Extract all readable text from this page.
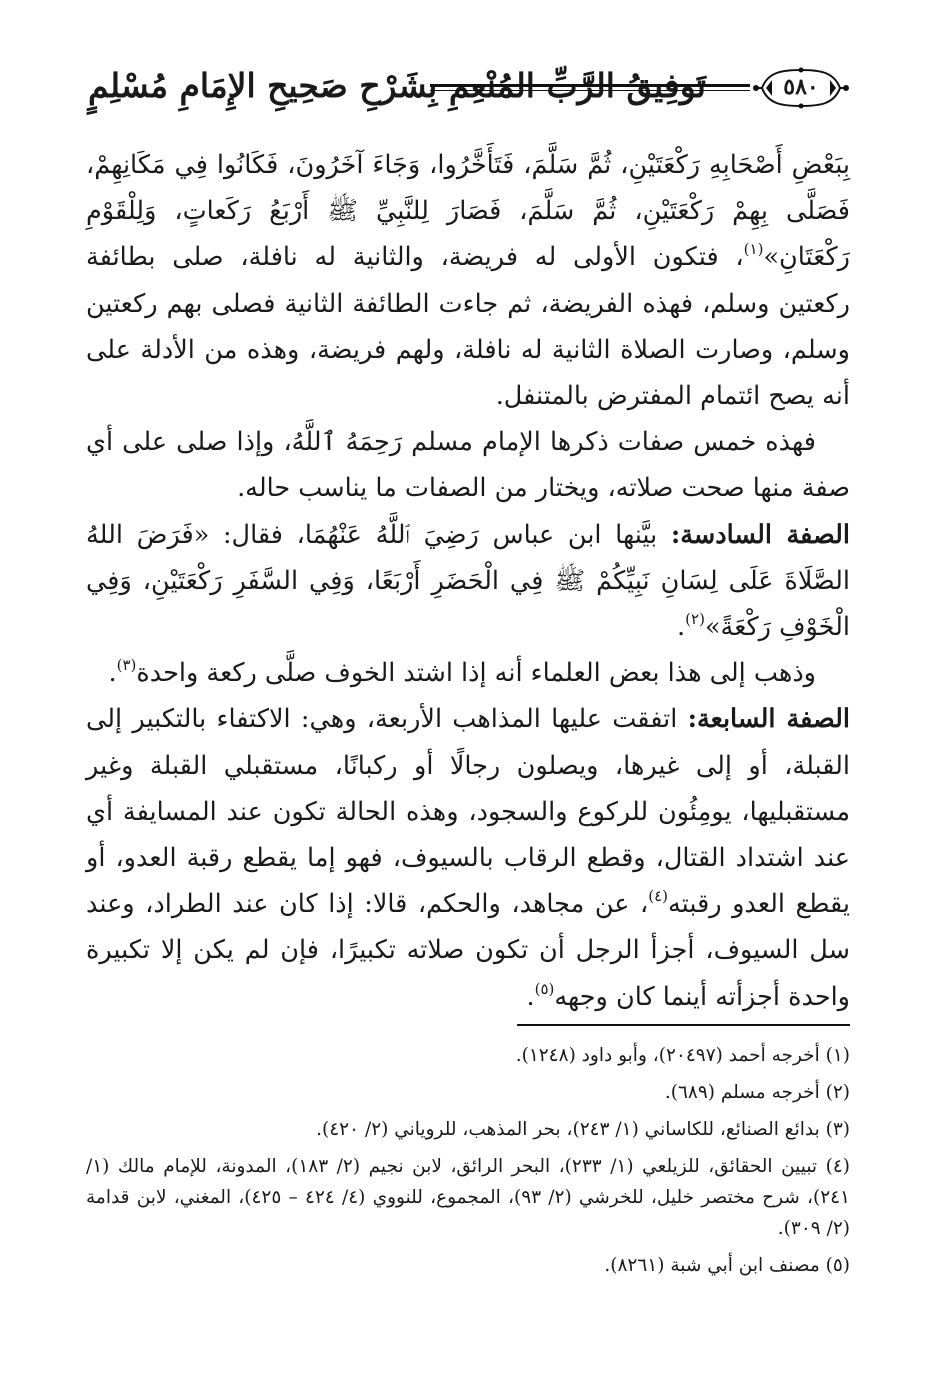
تَوفِيقُ الرَّبِّ المُنْعِمِ بِشَرْحِ صَحِيحِ الإِمَامِ مُسْلِمٍ	٥٨٠

بِبَعْضِ أَصْحَابِهِ رَكْعَتَيْنِ، ثُمَّ سَلَّمَ، فَتَأَخَّرُوا، وَجَاءَ آخَرُونَ، فَكَانُوا فِي مَكَانِهِمْ، فَصَلَّى بِهِمْ رَكْعَتَيْنِ، ثُمَّ سَلَّمَ، فَصَارَ لِلنَّبِيِّ ﷺ أَرْبَعُ رَكَعاتٍ، وَلِلْقَوْمِ رَكْعَتَانِ»$^{(١)}$، فتكون الأولى له فريضة، والثانية له نافلة، صلى بطائفة ركعتين وسلم، فهذه الفريضة، ثم جاءت الطائفة الثانية فصلى بهم ركعتين وسلم، وصارت الصلاة الثانية له نافلة، ولهم فريضة، وهذه من الأدلة على أنه يصح ائتمام المفترض بالمتنفل.

فهذه خمس صفات ذكرها الإمام مسلم رَحِمَهُ ٱللَّهُ، وإذا صلى على أي صفة منها صحت صلاته، ويختار من الصفات ما يناسب حاله.

الصفة السادسة: بيَّنها ابن عباس رَضِيَ ٱللَّهُ عَنْهُمَا، فقال: «فَرَضَ اللهُ الصَّلَاةَ عَلَى لِسَانِ نَبِيِّكُمْ ﷺ فِي الْحَضَرِ أَرْبَعًا، وَفِي السَّفَرِ رَكْعَتَيْنِ، وَفِي الْخَوْفِ رَكْعَةً»$^{(٢)}$.

وذهب إلى هذا بعض العلماء أنه إذا اشتد الخوف صلَّى ركعة واحدة$^{(٣)}$.

الصفة السابعة: اتفقت عليها المذاهب الأربعة، وهي: الاكتفاء بالتكبير إلى القبلة، أو إلى غيرها، ويصلون رجالًا أو ركبانًا، مستقبلي القبلة وغير مستقبليها، يومِئُون للركوع والسجود، وهذه الحالة تكون عند المسايفة أي عند اشتداد القتال، وقطع الرقاب بالسيوف، فهو إما يقطع رقبة العدو، أو يقطع العدو رقبته$^{(٤)}$، عن مجاهد، والحكم، قالا: إذا كان عند الطراد، وعند سل السيوف، أجزأ الرجل أن تكون صلاته تكبيرًا، فإن لم يكن إلا تكبيرة واحدة أجزأته أينما كان وجهه$^{(٥)}$.

(١) أخرجه أحمد (٢٠٤٩٧)، وأبو داود (١٢٤٨).

(٢) أخرجه مسلم (٦٨٩).

(٣) بدائع الصنائع، للكاساني (١/ ٢٤٣)، بحر المذهب، للروياني (٢/ ٤٢٠).

(٤) تبيين الحقائق، للزيلعي (١/ ٢٣٣)، البحر الرائق، لابن نجيم (٢/ ١٨٣)، المدونة، للإمام مالك (١/ ٢٤١)، شرح مختصر خليل، للخرشي (٢/ ٩٣)، المجموع، للنووي (٤/ ٤٢٤ – ٤٢٥)، المغني، لابن قدامة (٢/ ٣٠٩).

(٥) مصنف ابن أبي شبة (٨٢٦١).
